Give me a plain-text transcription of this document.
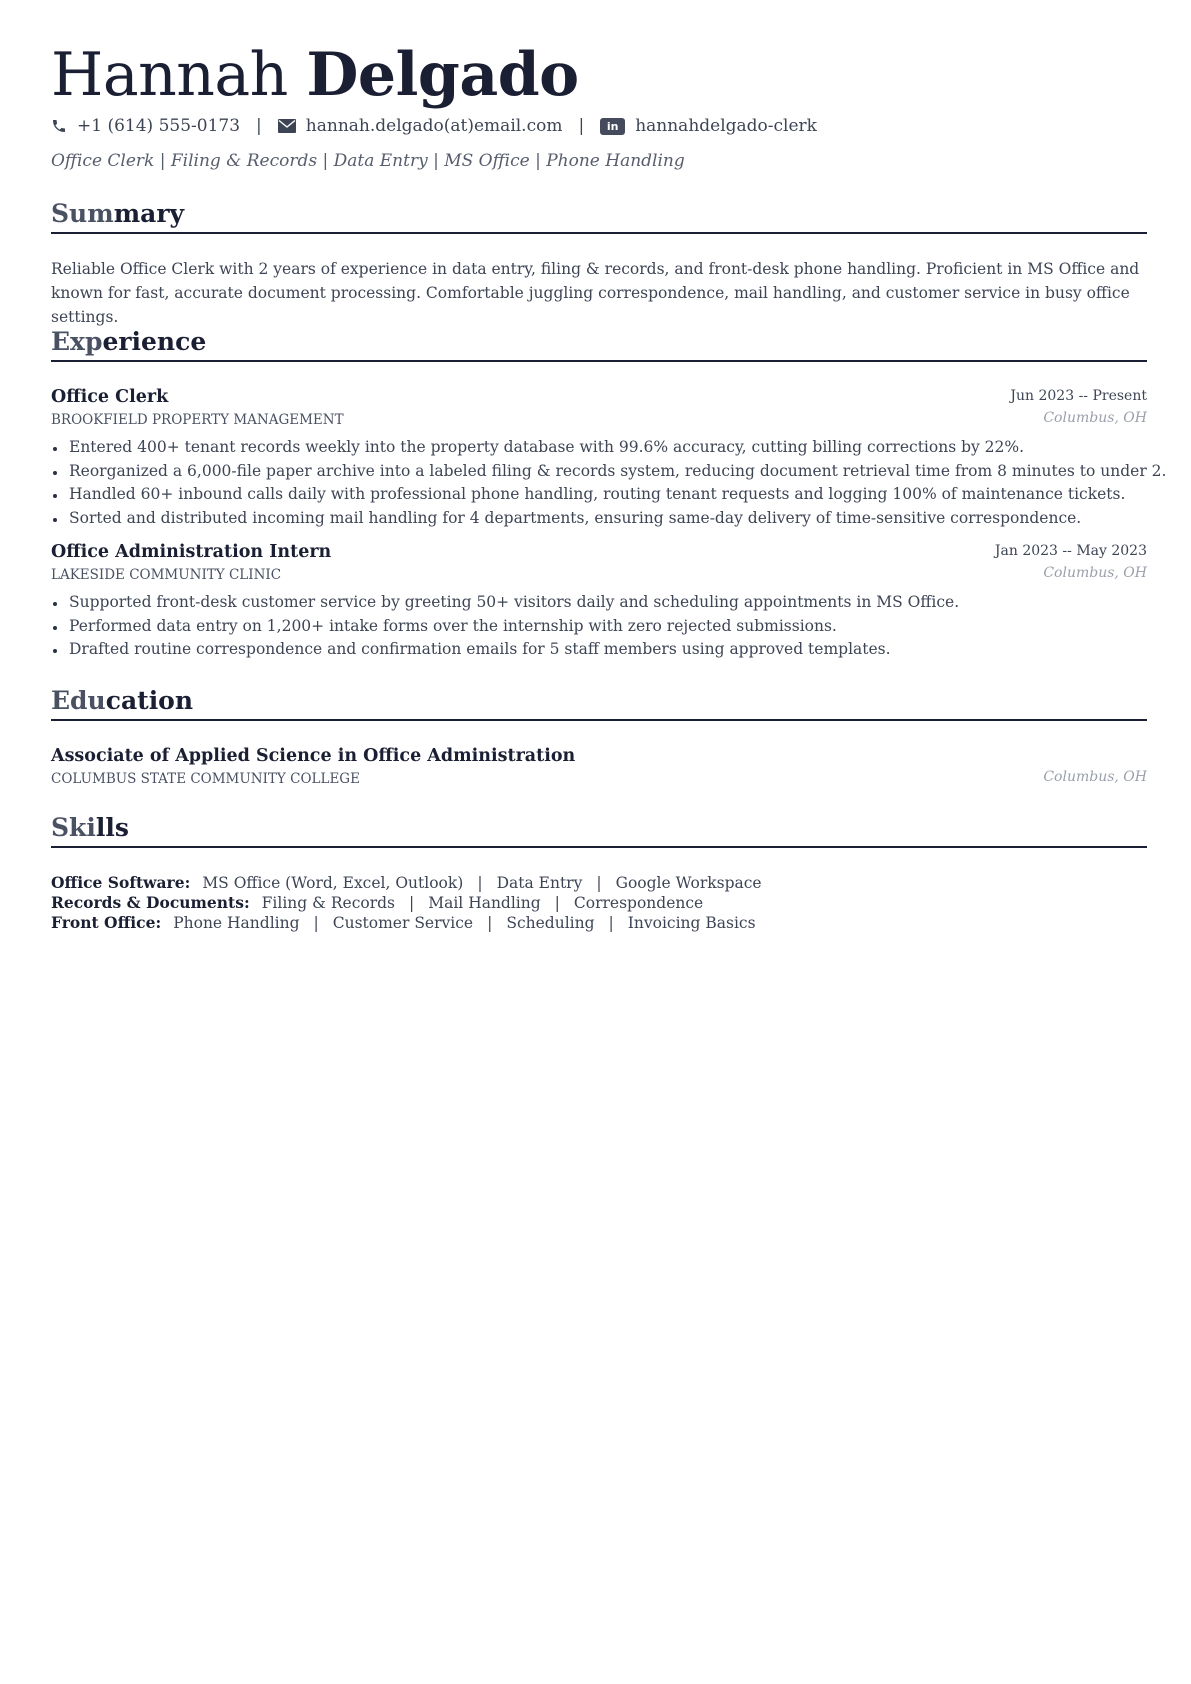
Hannah Delgado
+1 (614) 555-0173 |	hannah.delgado(at)email.com |	in hannahdelgado-clerk
Office Clerk | Filing & Records | Data Entry | MS Office | Phone Handling
Summary

Reliable Office Clerk with 2 years of experience in data entry, filing & records, and front-desk phone handling. Proficient in MS Office and known for fast, accurate document processing. Comfortable juggling correspondence, mail handling, and customer service in busy office settings.

Experience
Office Clerk
BROOKFIELD PROPERTY MANAGEMENT
Jun 2023 -- Present
Columbus, OH
Entered 400+ tenant records weekly into the property database with 99.6% accuracy, cutting billing corrections by 22%.
Reorganized a 6,000-file paper archive into a labeled filing & records system, reducing document retrieval time from 8 minutes to under 2.
Handled 60+ inbound calls daily with professional phone handling, routing tenant requests and logging 100% of maintenance tickets.
Sorted and distributed incoming mail handling for 4 departments, ensuring same-day delivery of time-sensitive correspondence.
Office Administration Intern
LAKESIDE COMMUNITY CLINIC
Jan 2023 -- May 2023
Columbus, OH
Supported front-desk customer service by greeting 50+ visitors daily and scheduling appointments in MS Office.
Performed data entry on 1,200+ intake forms over the internship with zero rejected submissions.
Drafted routine correspondence and confirmation emails for 5 staff members using approved templates.
Education
Associate of Applied Science in Office Administration
COLUMBUS STATE COMMUNITY COLLEGE	Columbus, OH
Skills
Office Software: MS Office (Word, Excel, Outlook) | Data Entry | Google Workspace
Records & Documents: Filing & Records | Mail Handling | Correspondence
Front Office: Phone Handling | Customer Service | Scheduling | Invoicing Basics
